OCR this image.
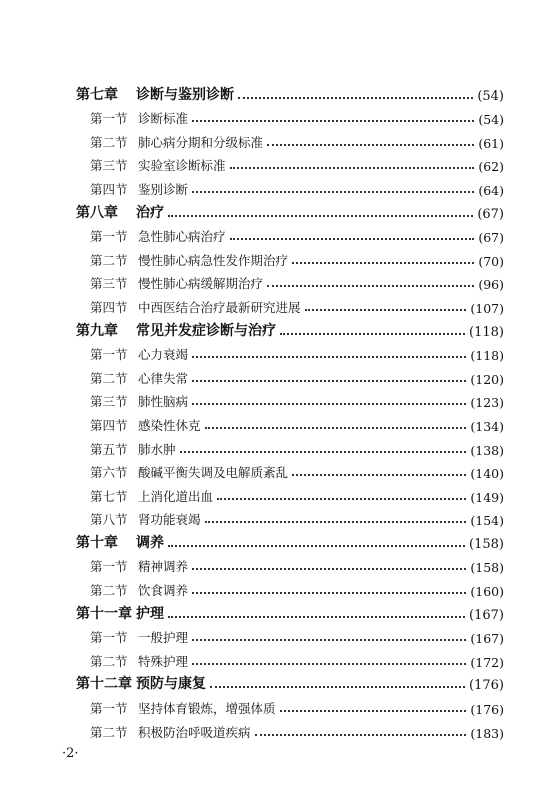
第七章	诊断与鉴别诊断	(54)
第一节 诊断标准	(54)
第二节 肺心病分期和分级标准	(61)
第三节 实验室诊断标准	(62)
第四节 鉴别诊断	(64)
第八章	治疗	(67)
第一节 急性肺心病治疗	(67)
第二节 慢性肺心病急性发作期治疗	(70)
第三节 慢性肺心病缓解期治疗	(96)
第四节 中西医结合治疗最新研究进展	(107)
第九章	常见并发症诊断与治疗	(118)
第一节 心力衰竭	(118)
第二节 心律失常	(120)
第三节 肺性脑病	(123)
第四节 感染性休克	(134)
第五节 肺水肿	(138)
第六节 酸碱平衡失调及电解质紊乱	(140)
第七节 上消化道出血	(149)
第八节 肾功能衰竭	(154)
第十章	调养	(158)
第一节 精神调养	(158)
第二节 饮食调养	(160)
第十一章 护理	(167)
第一节 一般护理	(167)
第二节 特殊护理	(172)
第十二章 预防与康复	(176)
第一节 坚持体育锻炼，增强体质	(176)
第二节 积极防治呼吸道疾病	(183)
·2·
